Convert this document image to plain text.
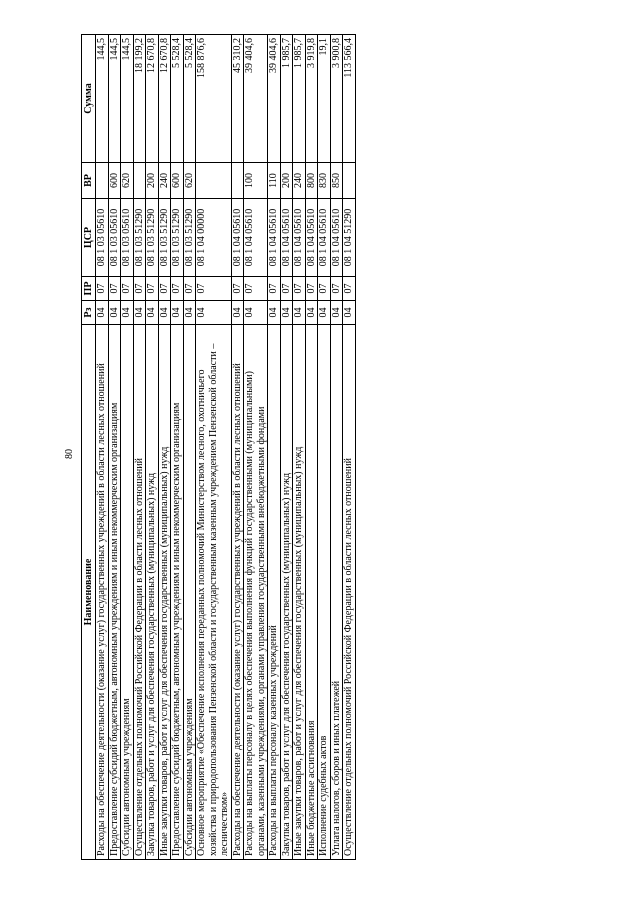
80
Наименование	Рз	ПР	ЦСР	ВР	Сумма
Расходы на обеспечение деятельности (оказание услуг) государственных учреждений в области лесных отношений	04	07	08 1 03 05610		144,5
Предоставление субсидий бюджетным, автономным учреждениям и иным некоммерческим организациям	04	07	08 1 03 05610	600	144,5
Субсидии автономным учреждениям	04	07	08 1 03 05610	620	144,5
Осуществление отдельных полномочий Российской Федерации в области лесных отношений	04	07	08 1 03 51290		18 199,2
Закупка товаров, работ и услуг для обеспечения государственных (муниципальных) нужд	04	07	08 1 03 51290	200	12 670,8
Иные закупки товаров, работ и услуг для обеспечения государственных (муниципальных) нужд	04	07	08 1 03 51290	240	12 670,8
Предоставление субсидий бюджетным, автономным учреждениям и иным некоммерческим организациям	04	07	08 1 03 51290	600	5 528,4
Субсидии автономным учреждениям	04	07	08 1 03 51290	620	5 528,4
Основное мероприятие «Обеспечение исполнения переданных полномочий Министерством лесного, охотничьего хозяйства и природопользования Пензенской области и государственным казенным учреждением Пензенской области – лесничеством»	04	07	08 1 04 00000		158 876,6
Расходы на обеспечение деятельности (оказание услуг) государственных учреждений в области лесных отношений	04	07	08 1 04 05610		45 310,2
Расходы на выплаты персоналу в целях обеспечения выполнения функций государственными (муниципальными) органами, казенными учреждениями, органами управления государственными внебюджетными фондами	04	07	08 1 04 05610	100	39 404,6
Расходы на выплаты персоналу казенных учреждений	04	07	08 1 04 05610	110	39 404,6
Закупка товаров, работ и услуг для обеспечения государственных (муниципальных) нужд	04	07	08 1 04 05610	200	1 985,7
Иные закупки товаров, работ и услуг для обеспечения государственных (муниципальных) нужд	04	07	08 1 04 05610	240	1 985,7
Иные бюджетные ассигнования	04	07	08 1 04 05610	800	3 919,8
Исполнение судебных актов	04	07	08 1 04 05610	830	19,1
Уплата налогов, сборов и иных платежей	04	07	08 1 04 05610	850	3 900,8
Осуществление отдельных полномочий Российской Федерации в области лесных отношений	04	07	08 1 04 51290		113 566,4
